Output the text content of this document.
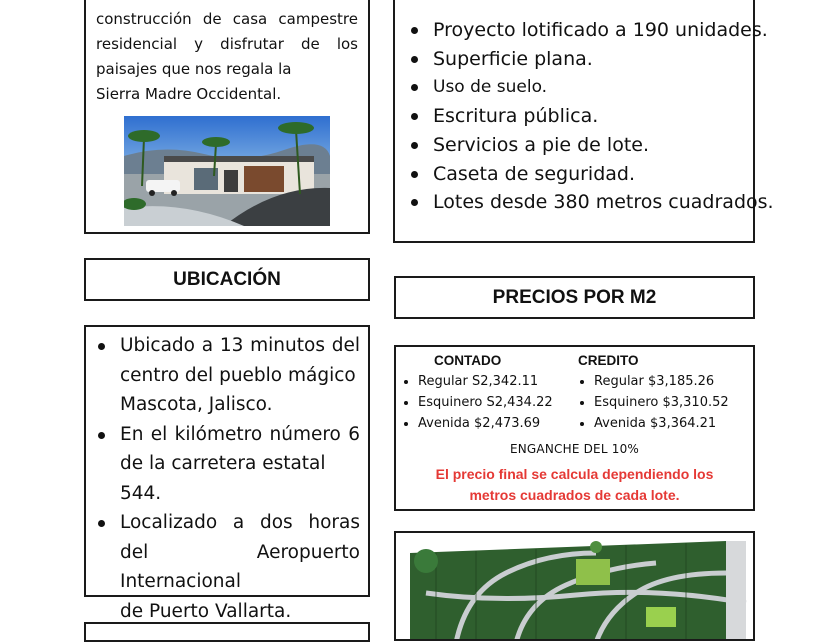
construcción de casa campestre residencial y disfrutar de los paisajes que nos regala la
Sierra Madre Occidental.

Proyecto lotificado a 190 unidades.
Superficie plana.
Uso de suelo.
Escritura pública.
Servicios a pie de lote.
Caseta de seguridad.
Lotes desde 380 metros cuadrados.
UBICACIÓN
PRECIOS POR M2
Ubicado a 13 minutos del centro del pueblo mágico
Mascota, Jalisco.
En el kilómetro número 6 de la carretera estatal
544.
Localizado a dos horas del Aeropuerto Internacional
de Puerto Vallarta.
CONTADO
Regular S2,342.11
Esquinero S2,434.22
Avenida $2,473.69
CREDITO
Regular $3,185.26
Esquinero $3,310.52
Avenida $3,364.21
ENGANCHE DEL 10%
El precio final se calcula dependiendo los metros cuadrados de cada lote.
